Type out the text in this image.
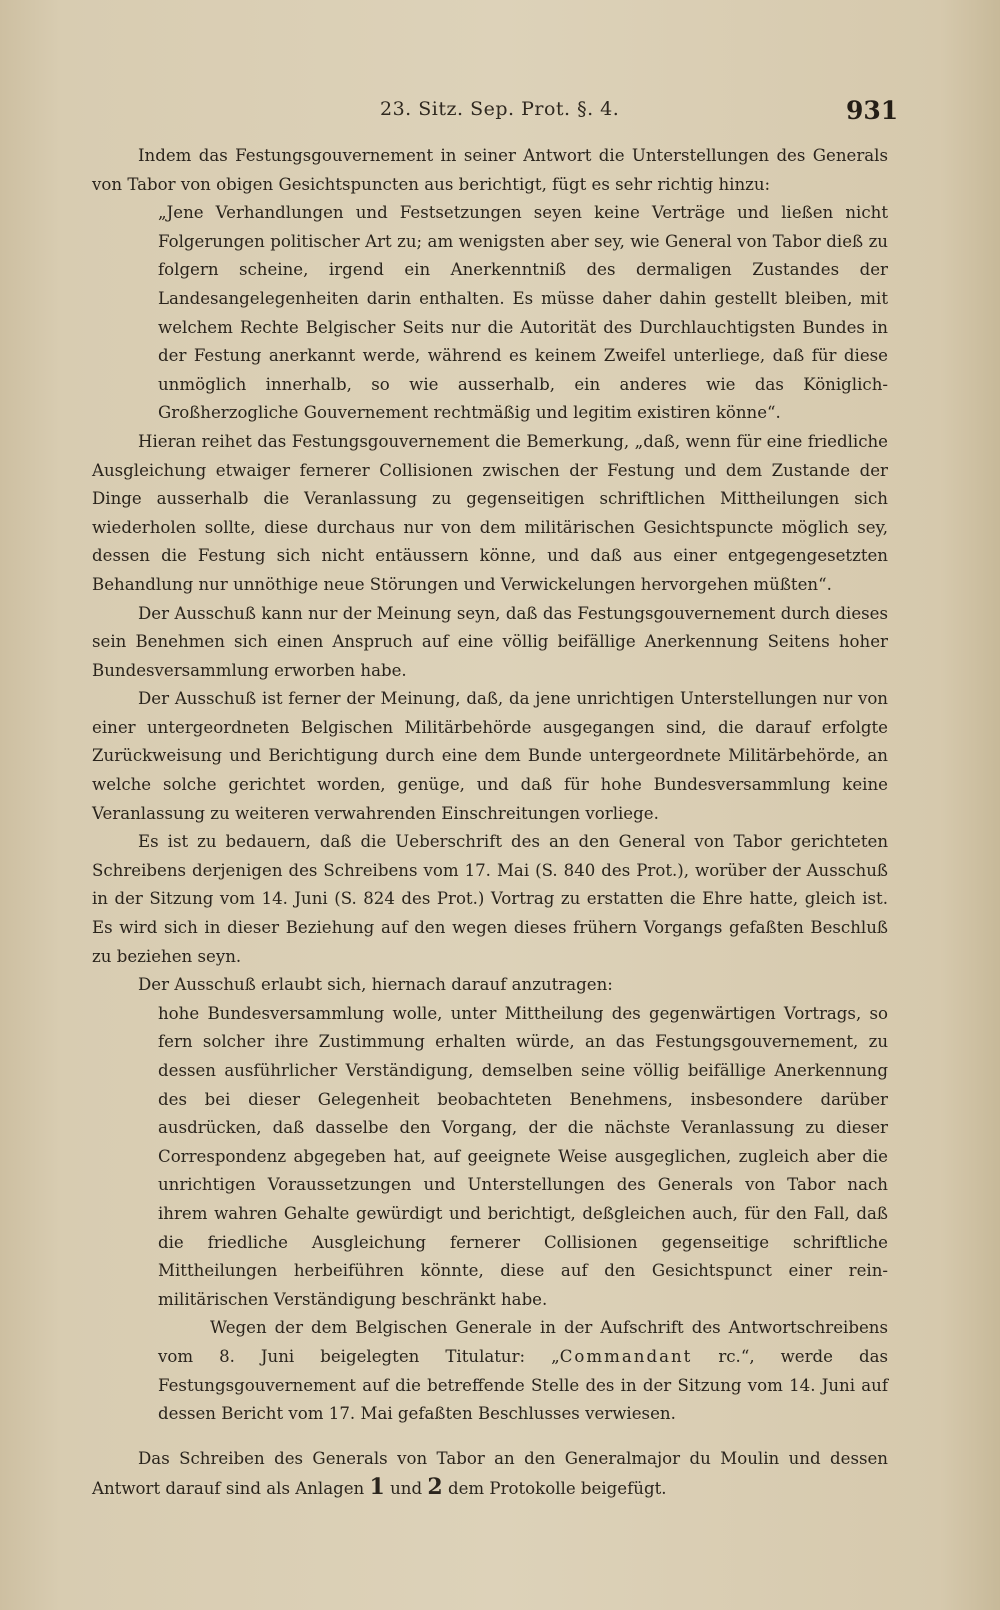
23. Sitz. Sep. Prot. §. 4.	931

Indem das Festungsgouvernement in seiner Antwort die Unterstellungen des Generals von Tabor von obigen Gesichtspuncten aus berichtigt, fügt es sehr richtig hinzu:

„Jene Verhandlungen und Festsetzungen seyen keine Verträge und ließen nicht Folgerungen politischer Art zu; am wenigsten aber sey, wie General von Tabor dieß zu folgern scheine, irgend ein Anerkenntniß des dermaligen Zustandes der Landesangelegenheiten darin enthalten. Es müsse daher dahin gestellt bleiben, mit welchem Rechte Belgischer Seits nur die Autorität des Durchlauchtigsten Bundes in der Festung anerkannt werde, während es keinem Zweifel unterliege, daß für diese unmöglich innerhalb, so wie ausserhalb, ein anderes wie das Königlich-Großherzogliche Gouvernement rechtmäßig und legitim existiren könne“.

Hieran reihet das Festungsgouvernement die Bemerkung, „daß, wenn für eine friedliche Ausgleichung etwaiger fernerer Collisionen zwischen der Festung und dem Zustande der Dinge ausserhalb die Veranlassung zu gegenseitigen schriftlichen Mittheilungen sich wiederholen sollte, diese durchaus nur von dem militärischen Gesichtspuncte möglich sey, dessen die Festung sich nicht entäussern könne, und daß aus einer entgegengesetzten Behandlung nur unnöthige neue Störungen und Verwickelungen hervorgehen müßten“.

Der Ausschuß kann nur der Meinung seyn, daß das Festungsgouvernement durch dieses sein Benehmen sich einen Anspruch auf eine völlig beifällige Anerkennung Seitens hoher Bundesversammlung erworben habe.

Der Ausschuß ist ferner der Meinung, daß, da jene unrichtigen Unterstellungen nur von einer untergeordneten Belgischen Militärbehörde ausgegangen sind, die darauf erfolgte Zurückweisung und Berichtigung durch eine dem Bunde untergeordnete Militärbehörde, an welche solche gerichtet worden, genüge, und daß für hohe Bundesversammlung keine Veranlassung zu weiteren verwahrenden Einschreitungen vorliege.

Es ist zu bedauern, daß die Ueberschrift des an den General von Tabor gerichteten Schreibens derjenigen des Schreibens vom 17. Mai (S. 840 des Prot.), worüber der Ausschuß in der Sitzung vom 14. Juni (S. 824 des Prot.) Vortrag zu erstatten die Ehre hatte, gleich ist. Es wird sich in dieser Beziehung auf den wegen dieses frühern Vorgangs gefaßten Beschluß zu beziehen seyn.

Der Ausschuß erlaubt sich, hiernach darauf anzutragen:

hohe Bundesversammlung wolle, unter Mittheilung des gegenwärtigen Vortrags, so fern solcher ihre Zustimmung erhalten würde, an das Festungsgouvernement, zu dessen ausführlicher Verständigung, demselben seine völlig beifällige Anerkennung des bei dieser Gelegenheit beobachteten Benehmens, insbesondere darüber ausdrücken, daß dasselbe den Vorgang, der die nächste Veranlassung zu dieser Correspondenz abgegeben hat, auf geeignete Weise ausgeglichen, zugleich aber die unrichtigen Voraussetzungen und Unterstellungen des Generals von Tabor nach ihrem wahren Gehalte gewürdigt und berichtigt, deßgleichen auch, für den Fall, daß die friedliche Ausgleichung fernerer Collisionen gegenseitige schriftliche Mittheilungen herbeiführen könnte, diese auf den Gesichtspunct einer rein-militärischen Verständigung beschränkt habe.

Wegen der dem Belgischen Generale in der Aufschrift des Antwortschreibens vom 8. Juni beigelegten Titulatur: „Commandant rc.“, werde das Festungsgouvernement auf die betreffende Stelle des in der Sitzung vom 14. Juni auf dessen Bericht vom 17. Mai gefaßten Beschlusses verwiesen.

Das Schreiben des Generals von Tabor an den Generalmajor du Moulin und dessen Antwort darauf sind als Anlagen 1 und 2 dem Protokolle beigefügt.
